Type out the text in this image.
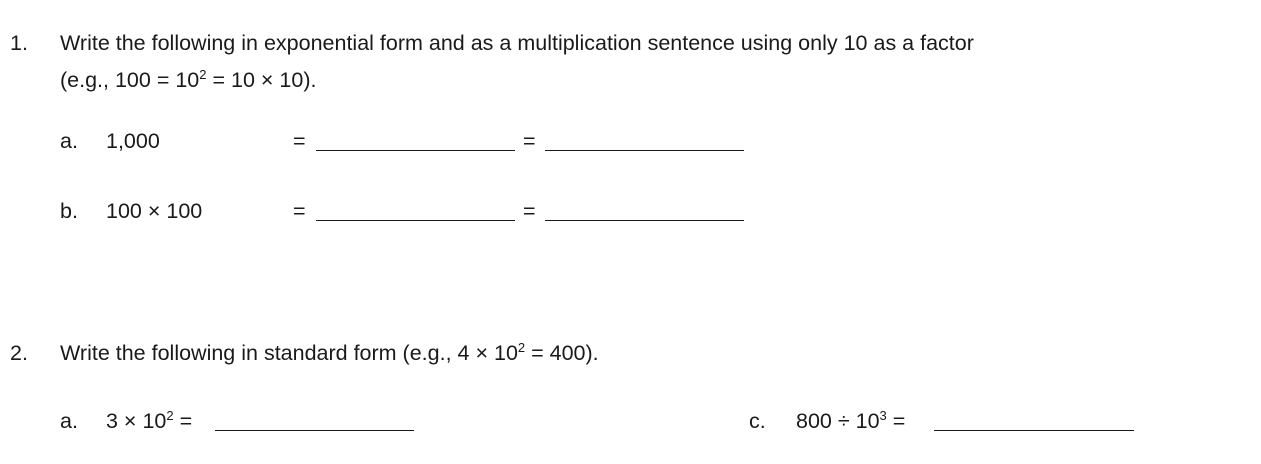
1. Write the following in exponential form and as a multiplication sentence using only 10 as a factor
(e.g., $100 = 10^2 = 10 \times 10$).
a. 1,000	=	=
b. 100 × 100	=	=
2. Write the following in standard form (e.g., $4 \times 10^2 = 400$).
a. $3 \times 10^2$ =	c. $800 \div 10^3$ =
